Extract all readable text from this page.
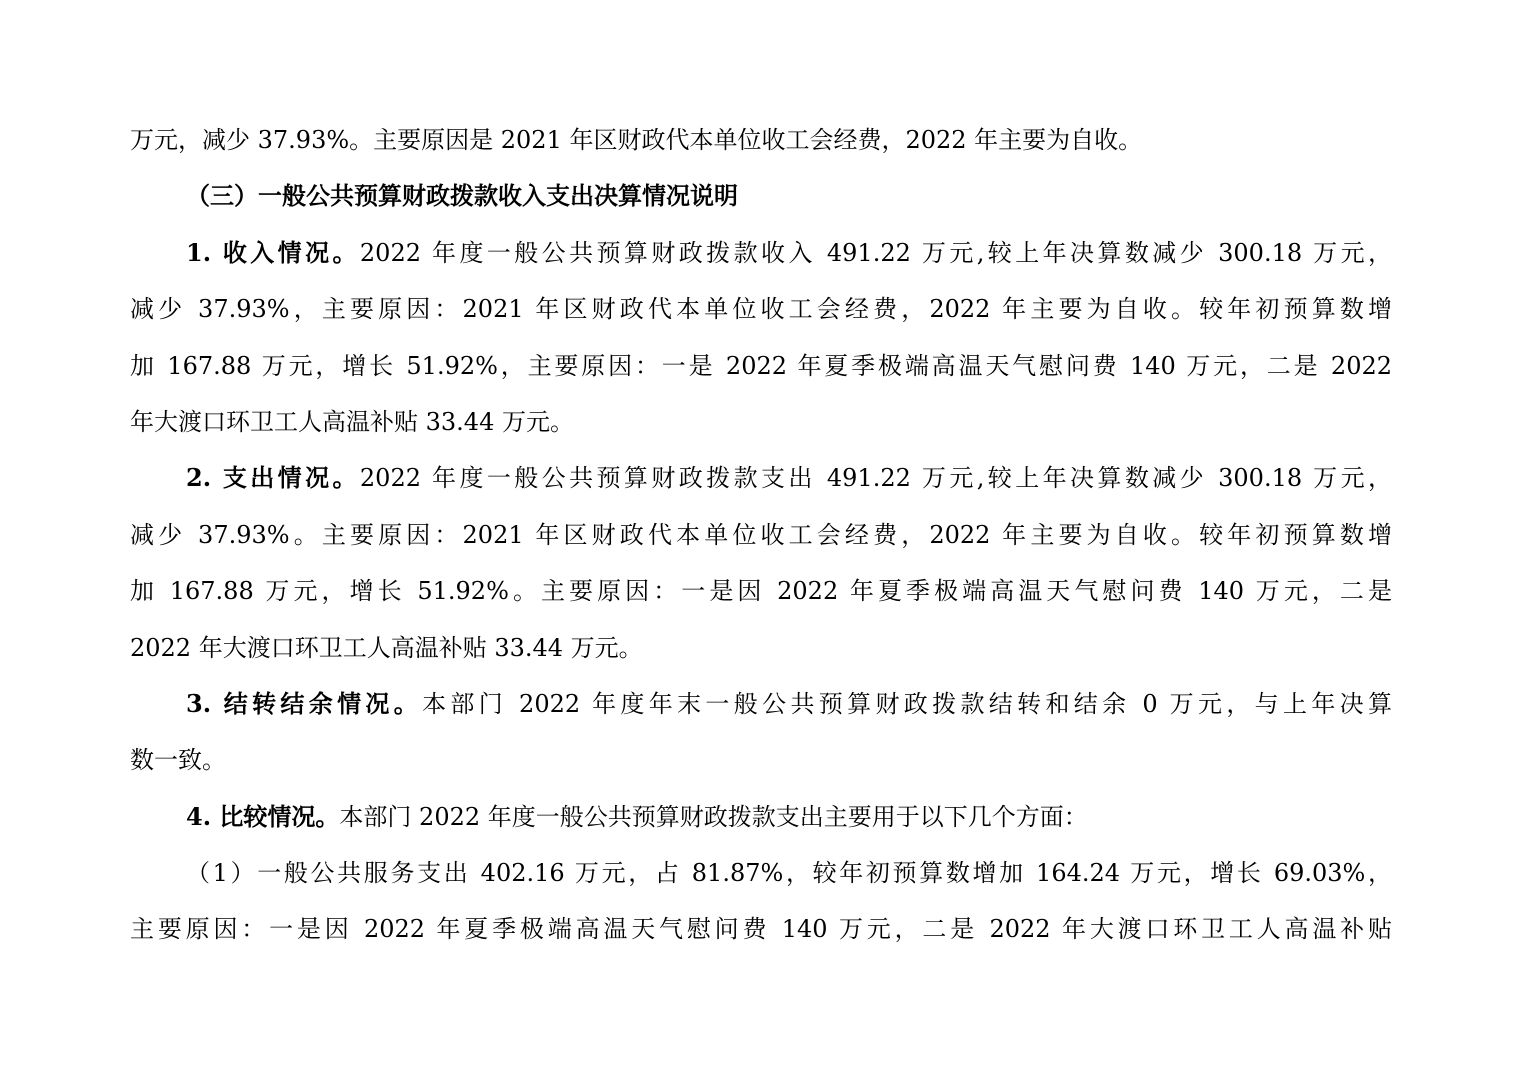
万元，减少 37.93%。主要原因是 2021 年区财政代本单位收工会经费，2022 年主要为自收。
（三）一般公共预算财政拨款收入支出决算情况说明
1. 收入情况。2022 年度一般公共预算财政拨款收入 491.22 万元,较上年决算数减少 300.18 万元，
减少 37.93%，主要原因：2021 年区财政代本单位收工会经费，2022 年主要为自收。较年初预算数增
加 167.88 万元，增长 51.92%，主要原因：一是 2022 年夏季极端高温天气慰问费 140 万元，二是 2022
年大渡口环卫工人高温补贴 33.44 万元。
2. 支出情况。2022 年度一般公共预算财政拨款支出 491.22 万元,较上年决算数减少 300.18 万元，
减少 37.93%。主要原因：2021 年区财政代本单位收工会经费，2022 年主要为自收。较年初预算数增
加 167.88 万元，增长 51.92%。主要原因：一是因 2022 年夏季极端高温天气慰问费 140 万元，二是
2022 年大渡口环卫工人高温补贴 33.44 万元。
3. 结转结余情况。本部门 2022 年度年末一般公共预算财政拨款结转和结余 0 万元，与上年决算
数一致。
4. 比较情况。本部门 2022 年度一般公共预算财政拨款支出主要用于以下几个方面：
（1）一般公共服务支出 402.16 万元，占 81.87%，较年初预算数增加 164.24 万元，增长 69.03%，
主要原因：一是因 2022 年夏季极端高温天气慰问费 140 万元，二是 2022 年大渡口环卫工人高温补贴
